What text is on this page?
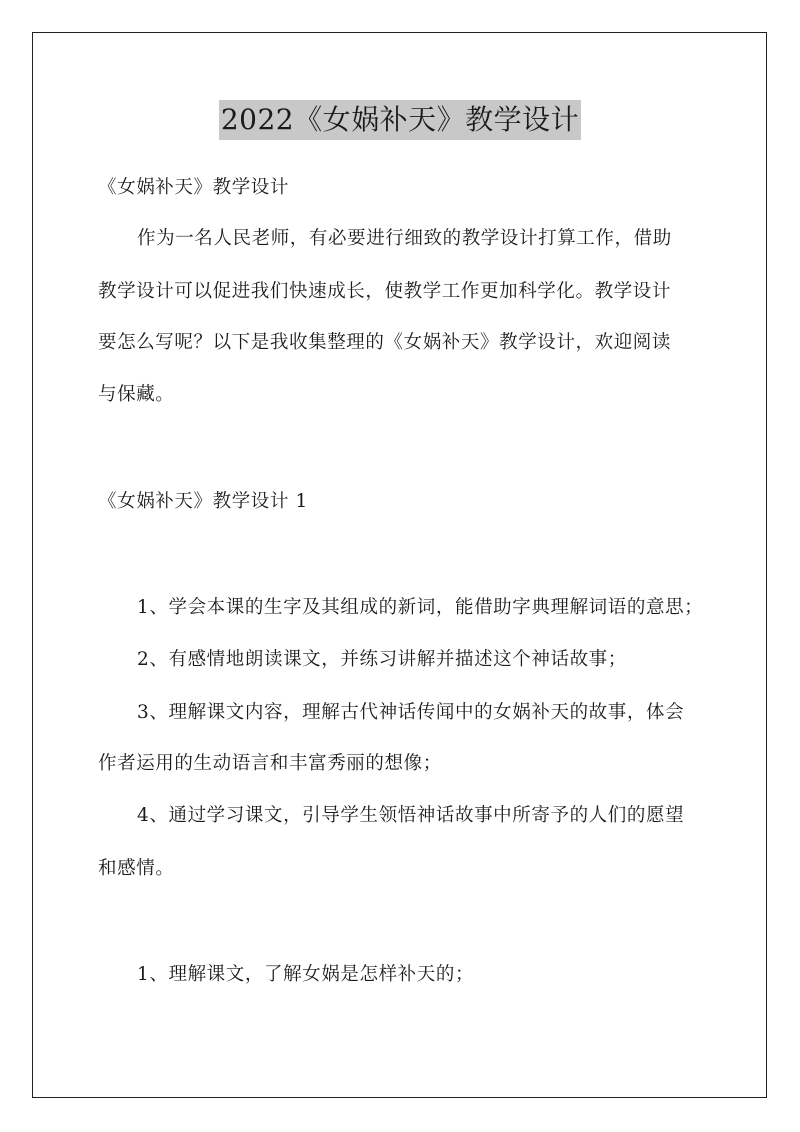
2022《女娲补天》教学设计
《女娲补天》教学设计
作为一名人民老师，有必要进行细致的教学设计打算工作，借助
教学设计可以促进我们快速成长，使教学工作更加科学化。教学设计
要怎么写呢？以下是我收集整理的《女娲补天》教学设计，欢迎阅读
与保藏。
《女娲补天》教学设计 1
1、学会本课的生字及其组成的新词，能借助字典理解词语的意思；
2、有感情地朗读课文，并练习讲解并描述这个神话故事；
3、理解课文内容，理解古代神话传闻中的女娲补天的故事，体会
作者运用的生动语言和丰富秀丽的想像；
4、通过学习课文，引导学生领悟神话故事中所寄予的人们的愿望
和感情。
1、理解课文，了解女娲是怎样补天的；
